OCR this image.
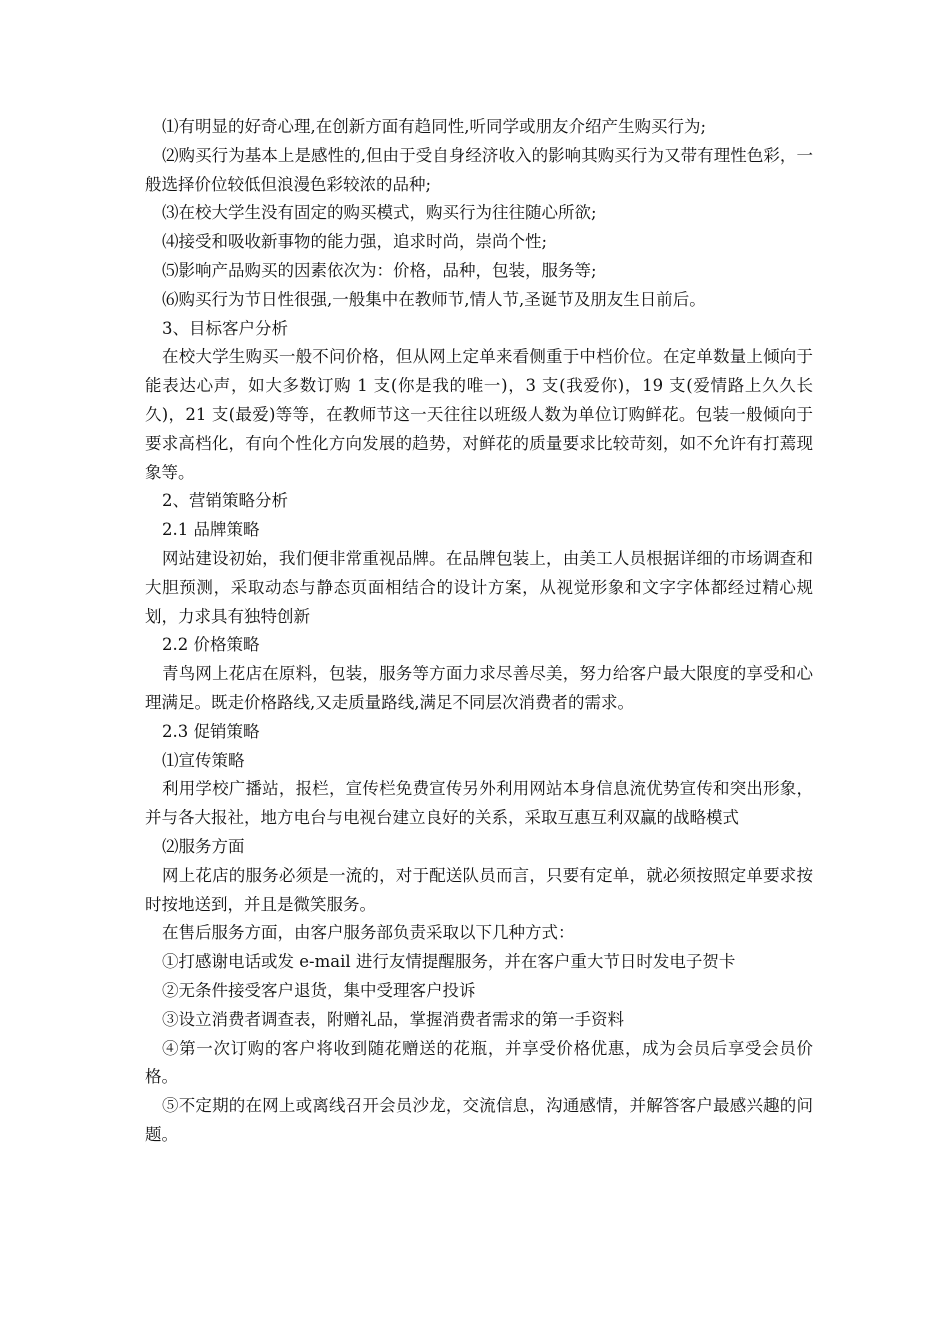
⑴有明显的好奇心理,在创新方面有趋同性,听同学或朋友介绍产生购买行为;

⑵购买行为基本上是感性的,但由于受自身经济收入的影响其购买行为又带有理性色彩，一般选择价位较低但浪漫色彩较浓的品种;

⑶在校大学生没有固定的购买模式，购买行为往往随心所欲;

⑷接受和吸收新事物的能力强，追求时尚，崇尚个性;

⑸影响产品购买的因素依次为：价格，品种，包装，服务等;

⑹购买行为节日性很强,一般集中在教师节,情人节,圣诞节及朋友生日前后。

3、目标客户分析

在校大学生购买一般不问价格，但从网上定单来看侧重于中档价位。在定单数量上倾向于能表达心声，如大多数订购 1 支(你是我的唯一)，3 支(我爱你)，19 支(爱情路上久久长久)，21 支(最爱)等等，在教师节这一天往往以班级人数为单位订购鲜花。包装一般倾向于要求高档化，有向个性化方向发展的趋势，对鲜花的质量要求比较苛刻，如不允许有打蔫现象等。

2、营销策略分析

2.1 品牌策略

网站建设初始，我们便非常重视品牌。在品牌包装上，由美工人员根据详细的市场调查和大胆预测，采取动态与静态页面相结合的设计方案，从视觉形象和文字字体都经过精心规划，力求具有独特创新

2.2 价格策略

青鸟网上花店在原料，包装，服务等方面力求尽善尽美，努力给客户最大限度的享受和心理满足。既走价格路线,又走质量路线,满足不同层次消费者的需求。

2.3 促销策略

⑴宣传策略

利用学校广播站，报栏，宣传栏免费宣传另外利用网站本身信息流优势宣传和突出形象，并与各大报社，地方电台与电视台建立良好的关系，采取互惠互利双赢的战略模式

⑵服务方面

网上花店的服务必须是一流的，对于配送队员而言，只要有定单，就必须按照定单要求按时按地送到，并且是微笑服务。

在售后服务方面，由客户服务部负责采取以下几种方式：

①打感谢电话或发 e-mail 进行友情提醒服务，并在客户重大节日时发电子贺卡

②无条件接受客户退货，集中受理客户投诉

③设立消费者调查表，附赠礼品，掌握消费者需求的第一手资料

④第一次订购的客户将收到随花赠送的花瓶，并享受价格优惠，成为会员后享受会员价格。

⑤不定期的在网上或离线召开会员沙龙，交流信息，沟通感情，并解答客户最感兴趣的问题。
